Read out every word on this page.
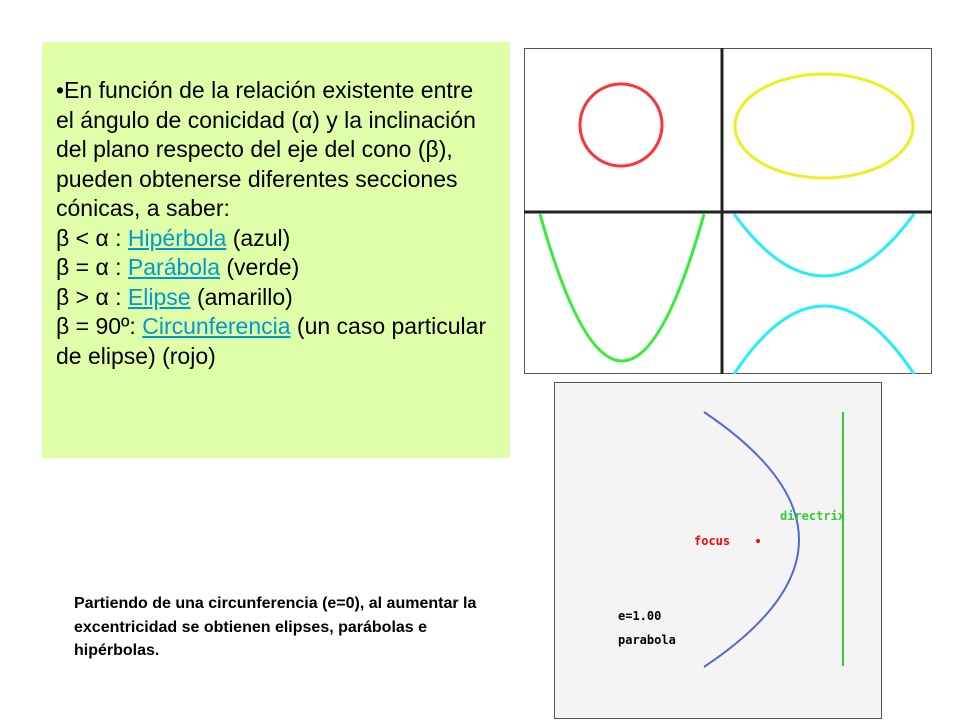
•En función de la relación existente entre el ángulo de conicidad (α) y la inclinación del plano respecto del eje del cono (β), pueden obtenerse diferentes secciones cónicas, a saber:
β < α : Hipérbola (azul)
β = α : Parábola (verde)
β > α : Elipse (amarillo)
β = 90º: Circunferencia (un caso particular de elipse) (rojo)

directrix
focus
e=1.00
parabola

Partiendo de una circunferencia (e=0), al aumentar la excentricidad se obtienen elipses, parábolas e hipérbolas.
